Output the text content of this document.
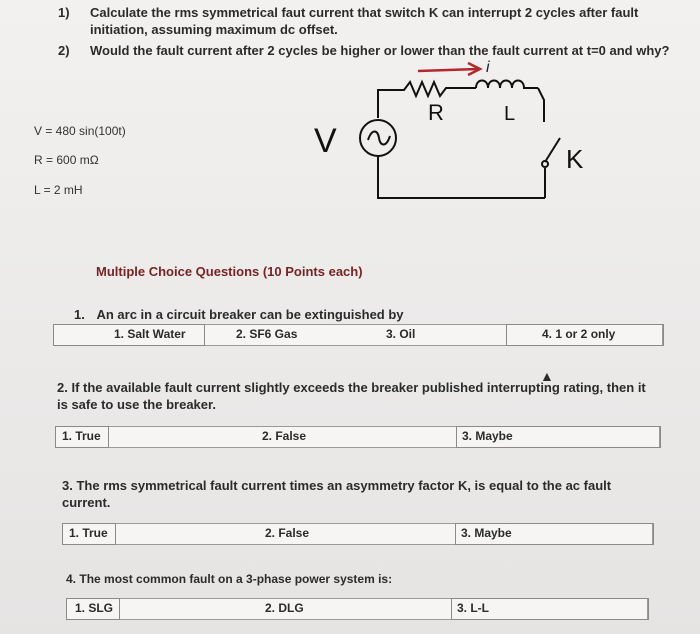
1) Calculate the rms symmetrical faut current that switch K can interrupt 2 cycles after fault initiation, assuming maximum dc offset.
2) Would the fault current after 2 cycles be higher or lower than the fault current at t=0 and why?
V = 480 sin(100t)
R = 600 mΩ
L = 2 mH
i
R	L
K
V
Multiple Choice Questions (10 Points each)
1. An arc in a circuit breaker can be extinguished by
1. Salt Water	2. SF6 Gas	3. Oil	4. 1 or 2 only
2. If the available fault current slightly exceeds the breaker published interrupting rating, then it is safe to use the breaker.
▲
1. True	2. False	3. Maybe
3. The rms symmetrical fault current times an asymmetry factor K, is equal to the ac fault current.
1. True	2. False	3. Maybe
4. The most common fault on a 3-phase power system is:
1. SLG	2. DLG	3. L-L
